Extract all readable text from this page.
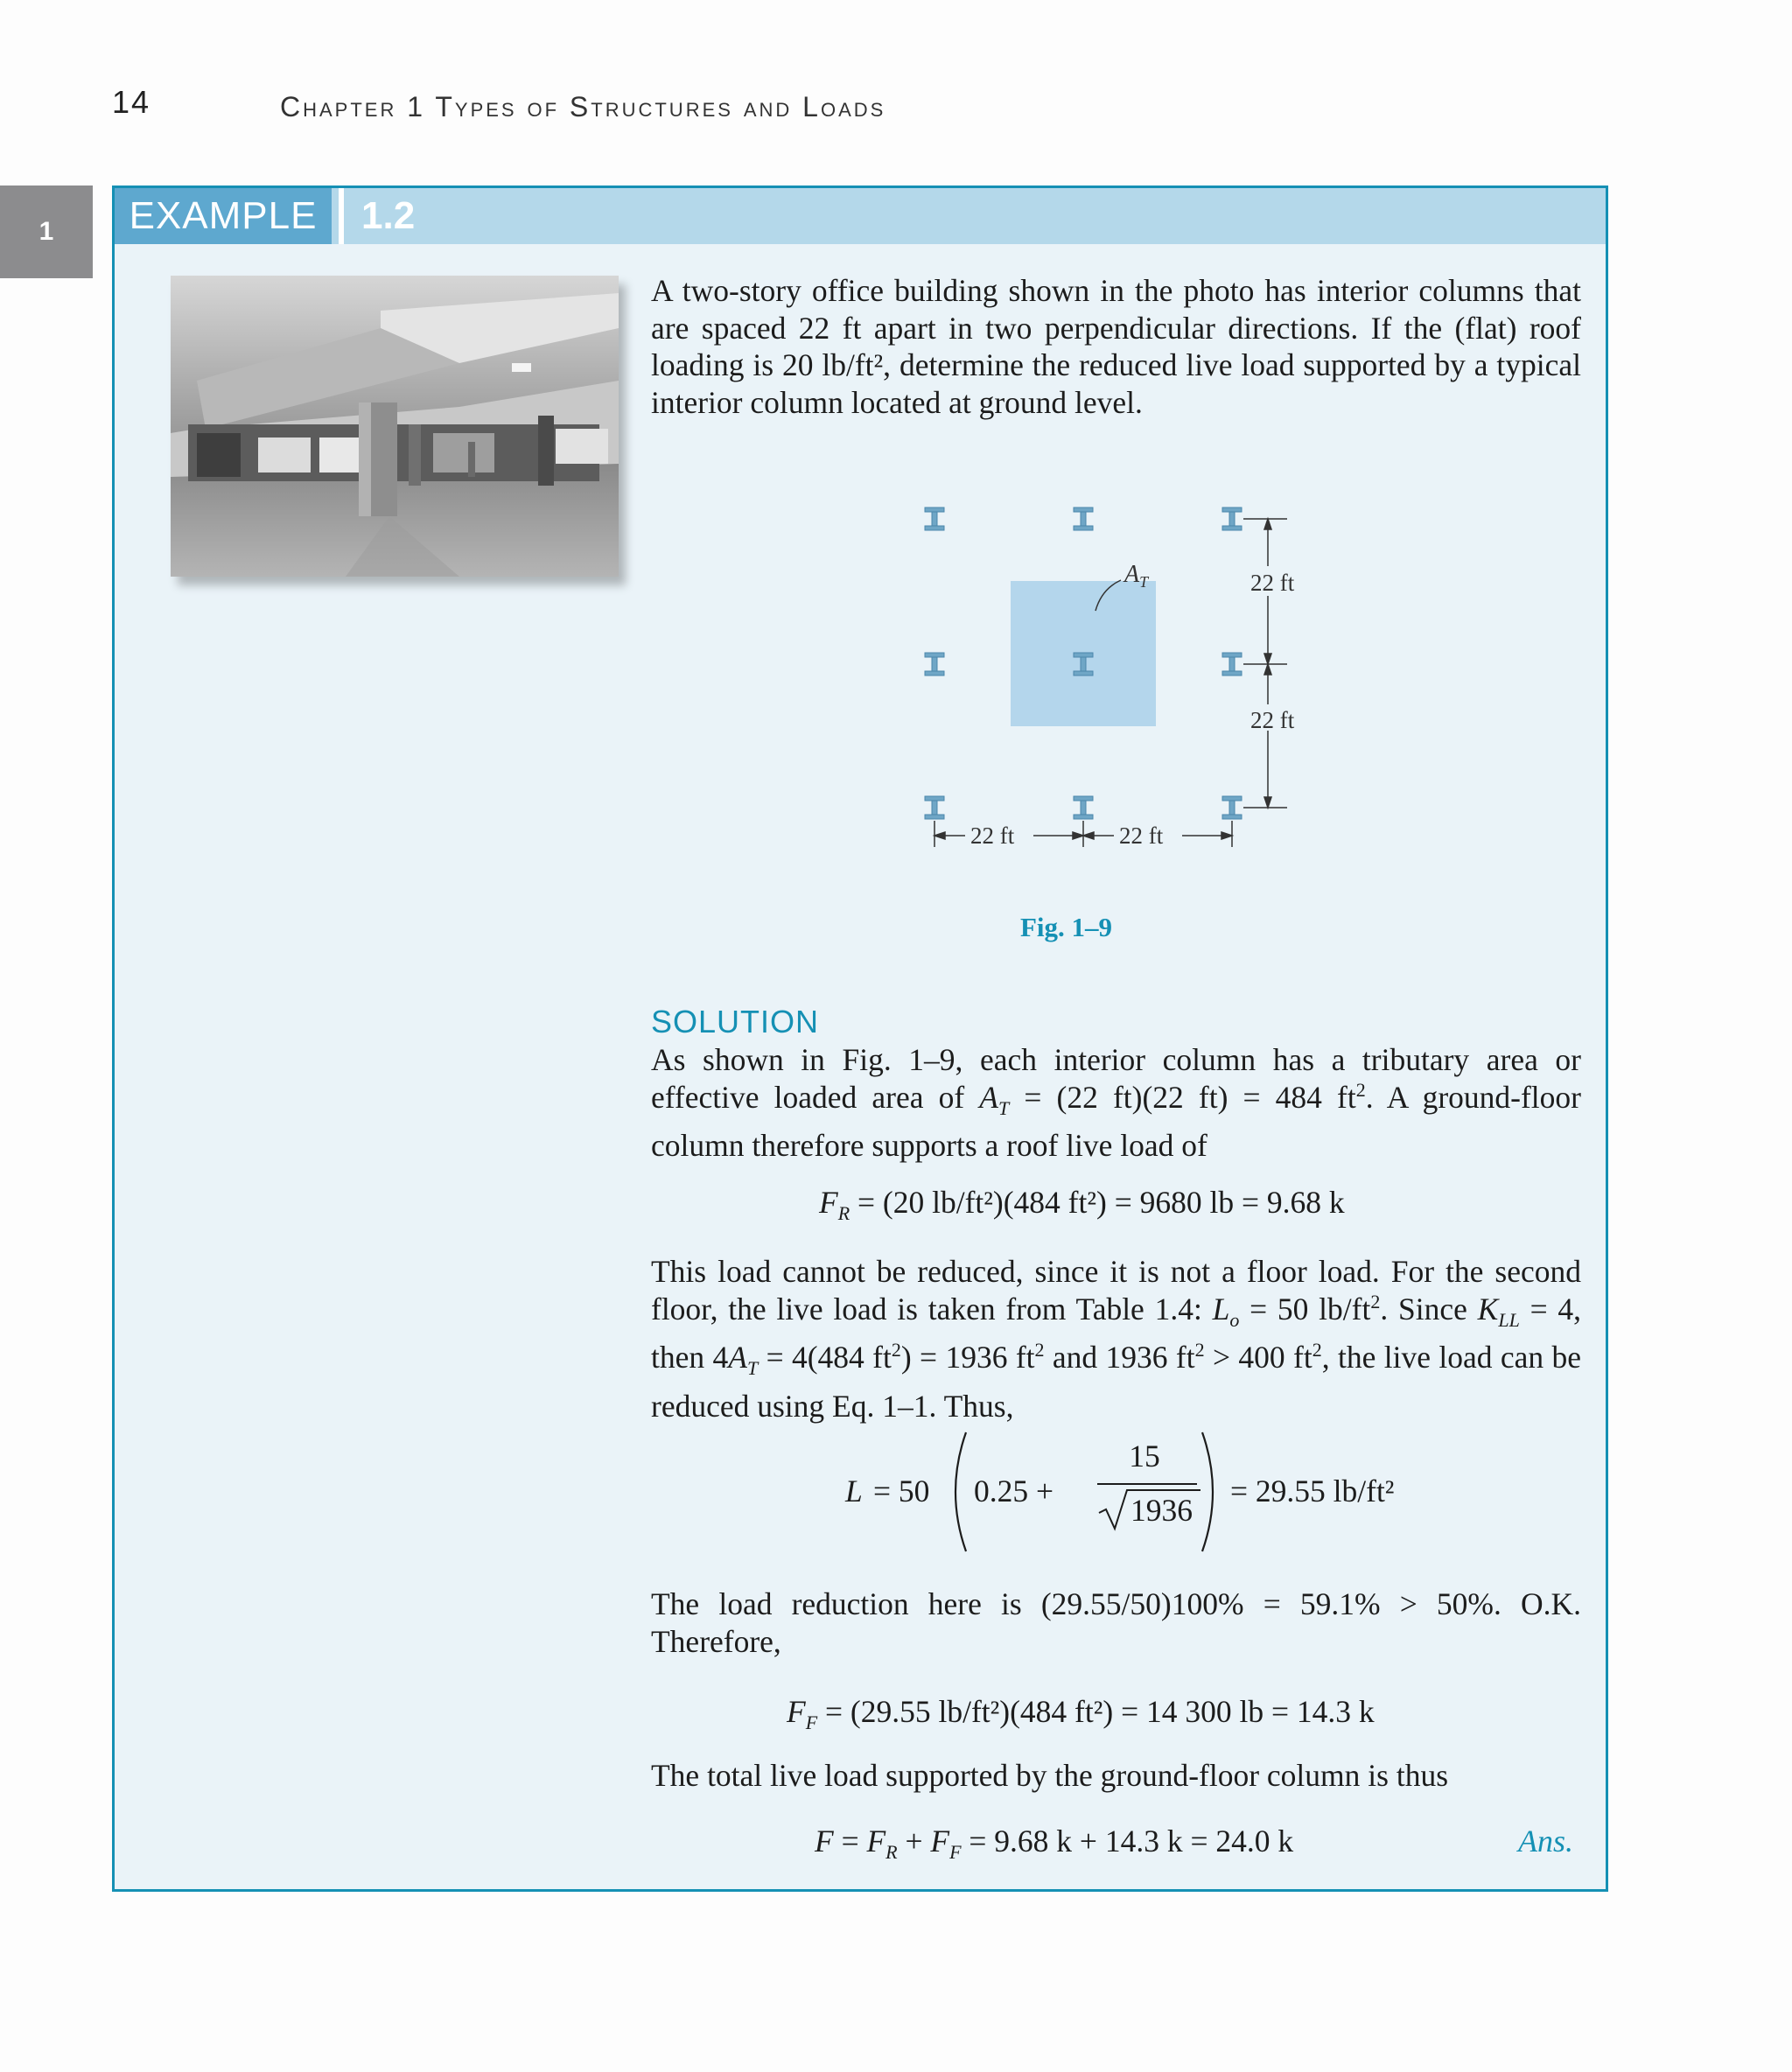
14	Chapter 1 Types of Structures and Loads
1	EXAMPLE	1.2
A two-story office building shown in the photo has interior columns that are spaced 22 ft apart in two perpendicular directions. If the (flat) roof loading is 20 lb/ft², determine the reduced live load supported by a typical interior column located at ground level.
$A_T$	22 ft
22 ft
22 ft	22 ft
Fig. 1–9
SOLUTION
As shown in Fig. 1–9, each interior column has a tributary area or effective loaded area of $A_T = (22$ ft)(22 ft) = 484 $ft^2$. A ground-floor column therefore supports a roof live load of
$F_R = (20$ lb/ft²)(484 ft²) = 9680 lb = 9.68 k
This load cannot be reduced, since it is not a floor load. For the second floor, the live load is taken from Table 1.4: $L_o = 50$ $lb/ft^2$. Since $K_{LL} = 4$, then $4A_T = 4(484$ $ft^2) = 1936$ $ft^2$ and 1936 $ft^2 > 400$ $ft^2$, the live load can be reduced using Eq. 1–1. Thus,
L = 50 0.25 +
15
1936
= 29.55 lb/ft²
The load reduction here is (29.55/50)100% = 59.1% > 50%. O.K. Therefore,
$F_F = (29.55$ lb/ft²)(484 ft²) = 14 300 lb = 14.3 k
The total live load supported by the ground-floor column is thus
$F = F_R + F_F = 9.68$ k + 14.3 k = 24.0 k	Ans.
